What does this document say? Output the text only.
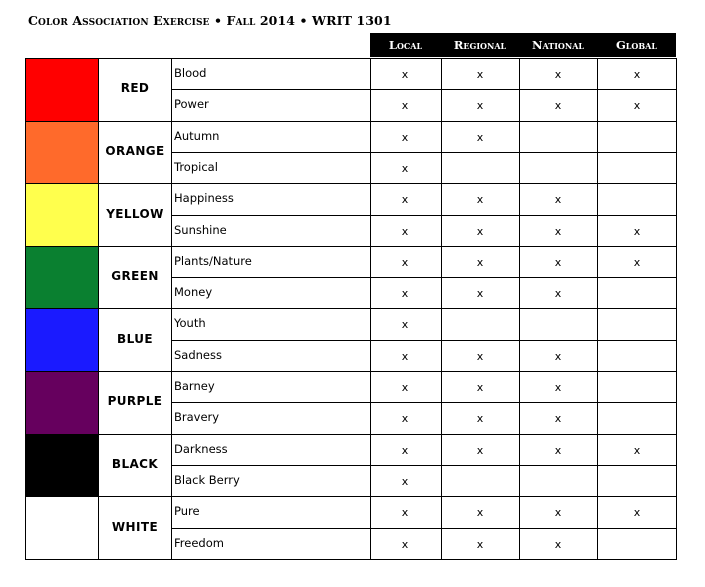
Color Association Exercise • Fall 2014 • WRIT 1301
Local	Regional	National	Global
RED
Blood	x	x	x	x
Power	x	x	x	x
ORANGE
Autumn	x	x
Tropical	x
YELLOW
Happiness	x	x	x
Sunshine	x	x	x	x
GREEN
Plants/Nature	x	x	x	x
Money	x	x	x
BLUE
Youth	x
Sadness	x	x	x
PURPLE
Barney	x	x	x
Bravery	x	x	x
BLACK
Darkness	x	x	x	x
Black Berry	x
WHITE
Pure	x	x	x	x
Freedom	x	x	x
